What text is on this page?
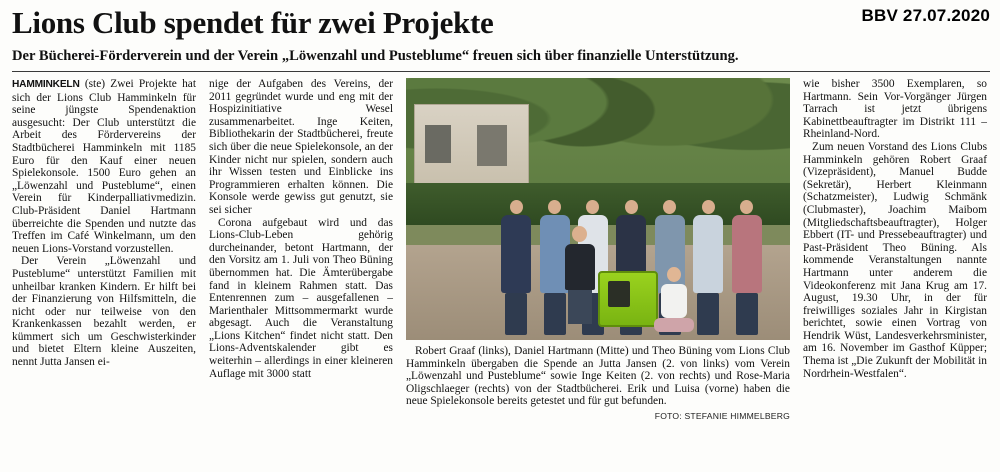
Lions Club spendet für zwei Projekte	BBV 27.07.2020
Der Bücherei-Förderverein und der Verein „Löwenzahl und Pusteblume“ freuen sich über finanzielle Unterstützung.

HAMMINKELN (ste) Zwei Projekte hat sich der Lions Club Hamminkeln für seine jüngste Spendenaktion ausgesucht: Der Club unterstützt die Arbeit des Fördervereins der Stadtbücherei Hamminkeln mit 1185 Euro für den Kauf einer neuen Spielekonsole. 1500 Euro gehen an „Löwenzahl und Pusteblume“, einen Verein für Kinderpalliativmedizin. Club-Präsident Daniel Hartmann überreichte die Spenden und nutzte das Treffen im Café Winkelmann, um den neuen Lions-Vorstand vorzustellen.

Der Verein „Löwenzahl und Pusteblume“ unterstützt Familien mit unheilbar kranken Kindern. Er hilft bei der Finanzierung von Hilfsmitteln, die nicht oder nur teilweise von den Krankenkassen bezahlt werden, er kümmert sich um Geschwisterkinder und bietet Eltern kleine Auszeiten, nennt Jutta Jansen ei-

nige der Aufgaben des Vereins, der 2011 gegründet wurde und eng mit der Hospizinitiative Wesel zusammenarbeitet. Inge Keiten, Bibliothekarin der Stadtbücherei, freute sich über die neue Spielekonsole, an der Kinder nicht nur spielen, sondern auch ihr Wissen testen und Einblicke ins Programmieren erhalten können. Die Konsole werde gewiss gut genutzt, sie sei sicher

Corona aufgebaut wird und das Lions-Club-Leben gehörig durcheinander, betont Hartmann, der den Vorsitz am 1. Juli von Theo Büning übernommen hat. Die Ämterübergabe fand in kleinem Rahmen statt. Das Entenrennen zum – ausgefallenen – Marienthaler Mittsommermarkt wurde abgesagt. Auch die Veranstaltung „Lions Kitchen“ findet nicht statt. Den Lions-Adventskalender gibt es weiterhin – allerdings in einer kleineren Auflage mit 3000 statt

Robert Graaf (links), Daniel Hartmann (Mitte) und Theo Büning vom Lions Club Hamminkeln übergaben die Spende an Jutta Jansen (2. von links) vom Verein „Löwenzahl und Pusteblume“ sowie Inge Keiten (2. von rechts) und Rose-Maria Oligschlaeger (rechts) von der Stadtbücherei. Erik und Luisa (vorne) haben die neue Spielekonsole bereits getestet und für gut befunden.

FOTO: STEFANIE HIMMELBERG

wie bisher 3500 Exemplaren, so Hartmann. Sein Vor-Vorgänger Jürgen Tarrach ist jetzt übrigens Kabinettbeauftragter im Distrikt 111 – Rheinland-Nord.

Zum neuen Vorstand des Lions Clubs Hamminkeln gehören Robert Graaf (Vizepräsident), Manuel Budde (Sekretär), Herbert Kleinmann (Schatzmeister), Ludwig Schmänk (Clubmaster), Joachim Maibom (Mitgliedschaftsbeauftragter), Holger Ebbert (IT- und Pressebeauftragter) und Past-Präsident Theo Büning. Als kommende Veranstaltungen nannte Hartmann unter anderem die Videokonferenz mit Jana Krug am 17. August, 19.30 Uhr, in der für freiwilliges soziales Jahr in Kirgistan berichtet, sowie einen Vortrag von Hendrik Wüst, Landesverkehrsminister, am 16. November im Gasthof Küpper; Thema ist „Die Zukunft der Mobilität in Nordrhein-Westfalen“.
